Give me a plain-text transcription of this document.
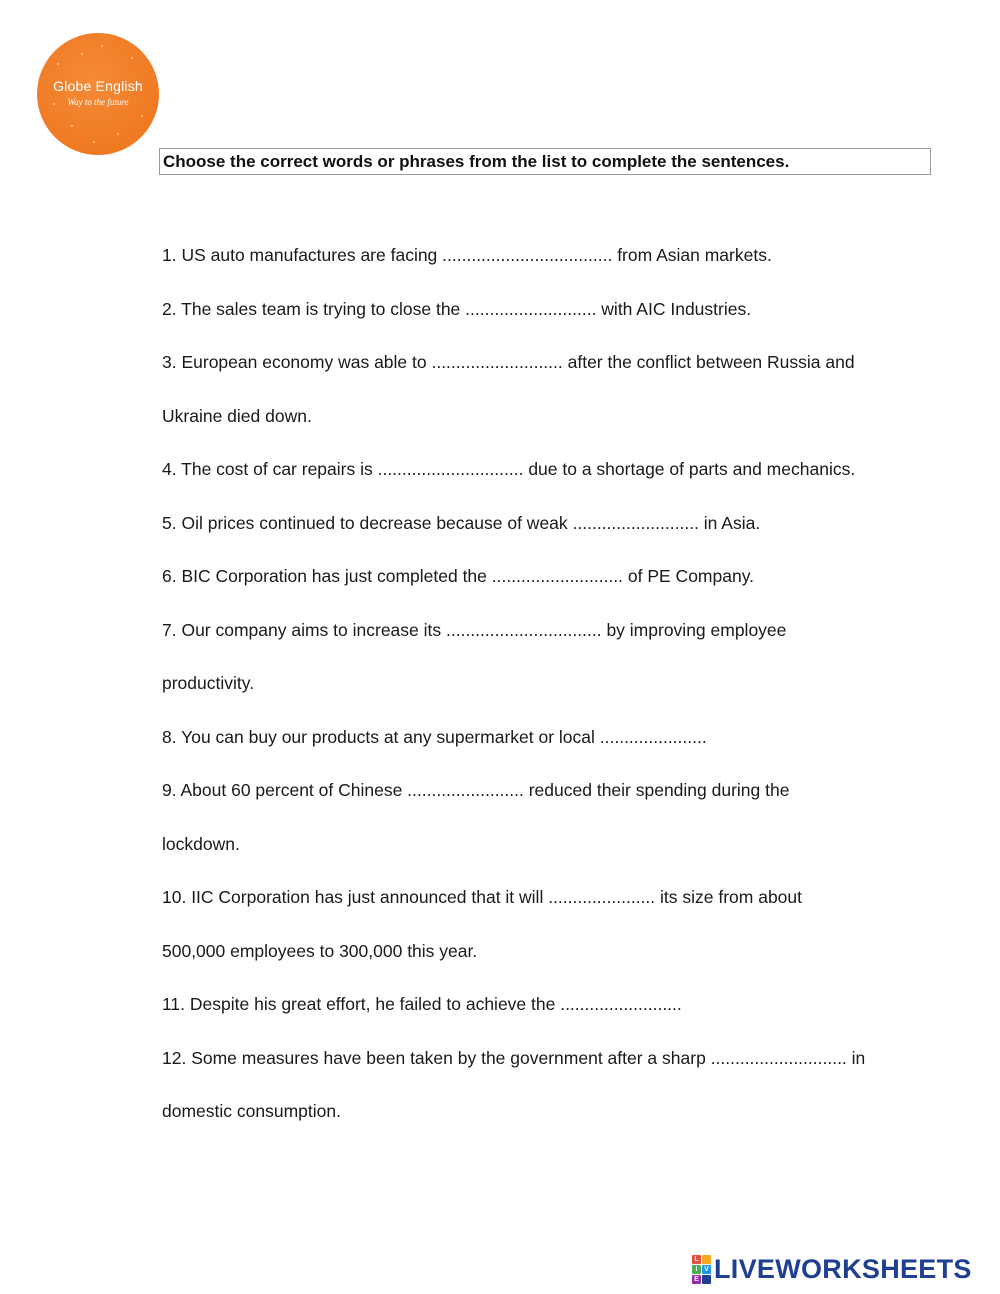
Globe English
Way to the future
Choose the correct words or phrases from the list to complete the sentences.
1. US auto manufactures are facing ................................... from Asian markets.
2. The sales team is trying to close the ........................... with AIC Industries.
3. European economy was able to ........................... after the conflict between Russia and
Ukraine died down.
4. The cost of car repairs is .............................. due to a shortage of parts and mechanics.
5. Oil prices continued to decrease because of weak .......................... in Asia.
6. BIC Corporation has just completed the ........................... of PE Company.
7. Our company aims to increase its ................................ by improving employee
productivity.
8. You can buy our products at any supermarket or local ......................
9. About 60 percent of Chinese ........................ reduced their spending during the
lockdown.
10. IIC Corporation has just announced that it will ...................... its size from about
500,000 employees to 300,000 this year.
11. Despite his great effort, he failed to achieve the .........................
12. Some measures have been taken by the government after a sharp ............................ in
domestic consumption.
L
I V
E LIVEWORKSHEETS
